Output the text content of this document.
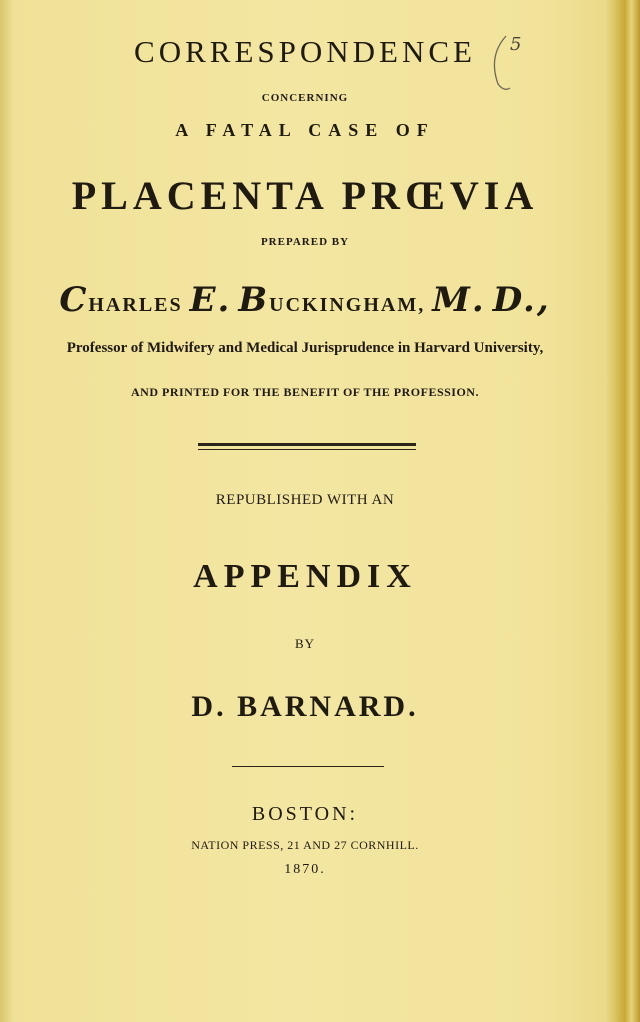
CORRESPONDENCE	5
CONCERNING
A FATAL CASE OF
PLACENTA PRŒVIA
PREPARED BY
CHARLES E. BUCKINGHAM, M. D.,
Professor of Midwifery and Medical Jurisprudence in Harvard University,
AND PRINTED FOR THE BENEFIT OF THE PROFESSION.
REPUBLISHED WITH AN
APPENDIX
BY
D. BARNARD.
BOSTON:
NATION PRESS, 21 AND 27 CORNHILL.
1870.
